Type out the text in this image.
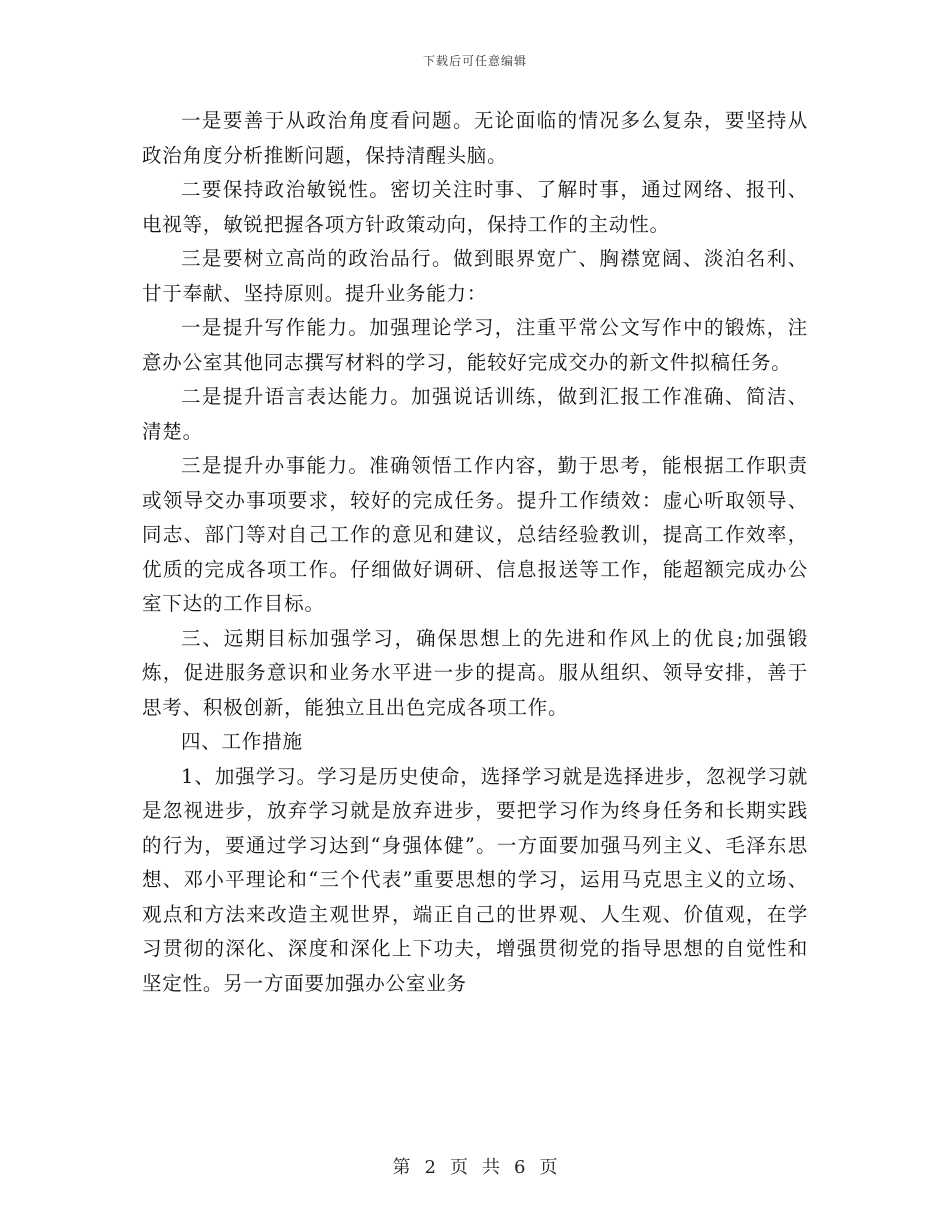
下载后可任意编辑

一是要善于从政治角度看问题。无论面临的情况多么复杂，要坚持从政治角度分析推断问题，保持清醒头脑。

二要保持政治敏锐性。密切关注时事、了解时事，通过网络、报刊、电视等，敏锐把握各项方针政策动向，保持工作的主动性。

三是要树立高尚的政治品行。做到眼界宽广、胸襟宽阔、淡泊名利、甘于奉献、坚持原则。提升业务能力：

一是提升写作能力。加强理论学习，注重平常公文写作中的锻炼，注意办公室其他同志撰写材料的学习，能较好完成交办的新文件拟稿任务。

二是提升语言表达能力。加强说话训练，做到汇报工作准确、简洁、清楚。

三是提升办事能力。准确领悟工作内容，勤于思考，能根据工作职责或领导交办事项要求，较好的完成任务。提升工作绩效：虚心听取领导、同志、部门等对自己工作的意见和建议，总结经验教训，提高工作效率，优质的完成各项工作。仔细做好调研、信息报送等工作，能超额完成办公室下达的工作目标。

三、远期目标加强学习，确保思想上的先进和作风上的优良;加强锻炼，促进服务意识和业务水平进一步的提高。服从组织、领导安排，善于思考、积极创新，能独立且出色完成各项工作。

四、工作措施

1、加强学习。学习是历史使命，选择学习就是选择进步，忽视学习就是忽视进步，放弃学习就是放弃进步，要把学习作为终身任务和长期实践的行为，要通过学习达到“身强体健”。一方面要加强马列主义、毛泽东思想、邓小平理论和“三个代表”重要思想的学习，运用马克思主义的立场、观点和方法来改造主观世界，端正自己的世界观、人生观、价值观，在学习贯彻的深化、深度和深化上下功夫，增强贯彻党的指导思想的自觉性和坚定性。另一方面要加强办公室业务

第 2 页 共 6 页
